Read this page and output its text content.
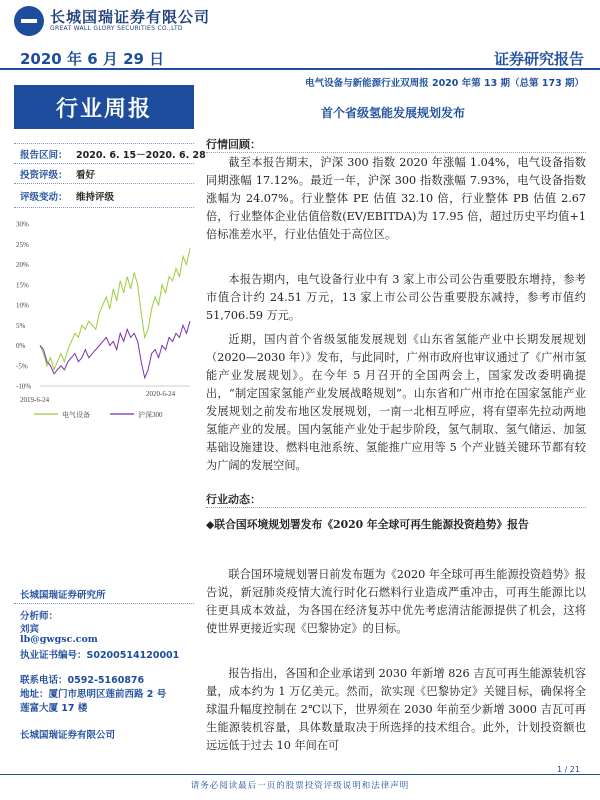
长城国瑞证券有限公司
GREAT WALL GLORY SECURITIES CO.,LTD
2020 年 6 月 29 日	证券研究报告
电气设备与新能源行业双周报 2020 年第 13 期（总第 173 期）
行业周报
报告区间： 2020. 6. 15－2020. 6. 28
投资评级： 看好
评级变动： 维持评级
30%
25%
20%
15%
10%
5%
0%
-5%
-10%
2019-6-24
2020-6-24
电气设备	沪深300
长城国瑞证券研究所
分析师：
刘宾
lb@gwgsc.com
执业证书编号：S0200514120001
联系电话：0592-5160876
地址：厦门市思明区莲前西路 2 号
莲富大厦 17 楼
长城国瑞证券有限公司
首个省级氢能发展规划发布
行情回顾：
截至本报告期末，沪深 300 指数 2020 年涨幅 1.04%，电气设备指数同期涨幅 17.12%。最近一年，沪深 300 指数涨幅 7.93%，电气设备指数涨幅为 24.07%。行业整体 PE 估值 32.10 倍，行业整体 PB 估值 2.67 倍，行业整体企业估值倍数(EV/EBITDA)为 17.95 倍，超过历史平均值+1 倍标准差水平，行业估值处于高位区。
本报告期内，电气设备行业中有 3 家上市公司公告重要股东增持，参考市值合计约 24.51 万元，13 家上市公司公告重要股东减持，参考市值约 51,706.59 万元。
近期，国内首个省级氢能发展规划《山东省氢能产业中长期发展规划（2020—2030 年）》发布，与此同时，广州市政府也审议通过了《广州市氢能产业发展规划》。在今年 5 月召开的全国两会上，国家发改委明确提出，“制定国家氢能产业发展战略规划”。山东省和广州市抢在国家氢能产业发展规划之前发布地区发展规划，一南一北相互呼应，将有望率先拉动两地氢能产业的发展。国内氢能产业处于起步阶段，氢气制取、氢气储运、加氢基础设施建设、燃料电池系统、氢能推广应用等 5 个产业链关键环节都有较为广阔的发展空间。
行业动态：
◆联合国环境规划署发布《2020 年全球可再生能源投资趋势》报告
联合国环境规划署日前发布题为《2020 年全球可再生能源投资趋势》报告说，新冠肺炎疫情大流行时化石燃料行业造成严重冲击，可再生能源比以往更具成本效益，为各国在经济复苏中优先考虑清洁能源提供了机会，这将使世界更接近实现《巴黎协定》的目标。
报告指出，各国和企业承诺到 2030 年新增 826 吉瓦可再生能源装机容量，成本约为 1 万亿美元。然而，欲实现《巴黎协定》关键目标，确保将全球温升幅度控制在 2℃以下，世界须在 2030 年前至少新增 3000 吉瓦可再生能源装机容量，具体数量取决于所选择的技术组合。此外，计划投资额也远远低于过去 10 年间在可
1 / 21
请务必阅读最后一页的股票投资评级说明和法律声明
